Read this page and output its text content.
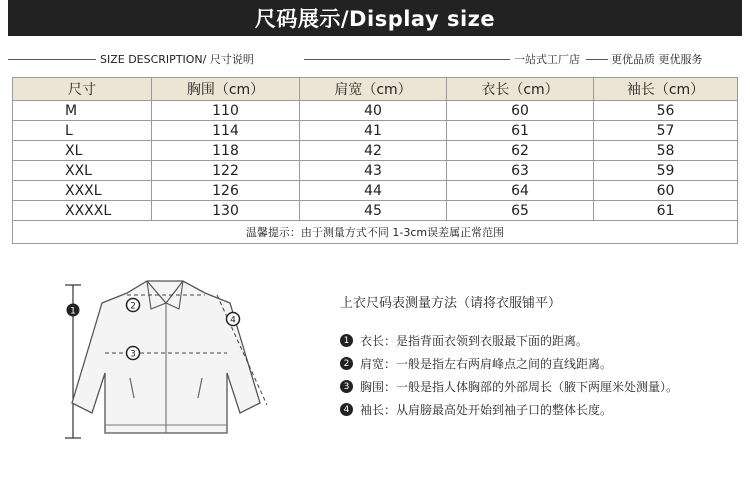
尺码展示/Display size
SIZE DESCRIPTION/ 尺寸说明	一站式工厂店	更优品质 更优服务
尺寸	胸围（cm）	肩宽（cm）	衣长（cm）	袖长（cm）
M	110	40	60	56
L	114	41	61	57
XL	118	42	62	58
XXL	122	43	63	59
XXXL	126	44	64	60
XXXXL	130	45	65	61
温馨提示：由于测量方式不同 1-3cm误差属正常范围				
1	2
3
4
上衣尺码表测量方法（请将衣服铺平）
1 衣长：是指背面衣领到衣服最下面的距离。
2 肩宽：一般是指左右两肩峰点之间的直线距离。
3 胸围：一般是指人体胸部的外部周长（腋下两厘米处测量）。
4 袖长：从肩膀最高处开始到袖子口的整体长度。
